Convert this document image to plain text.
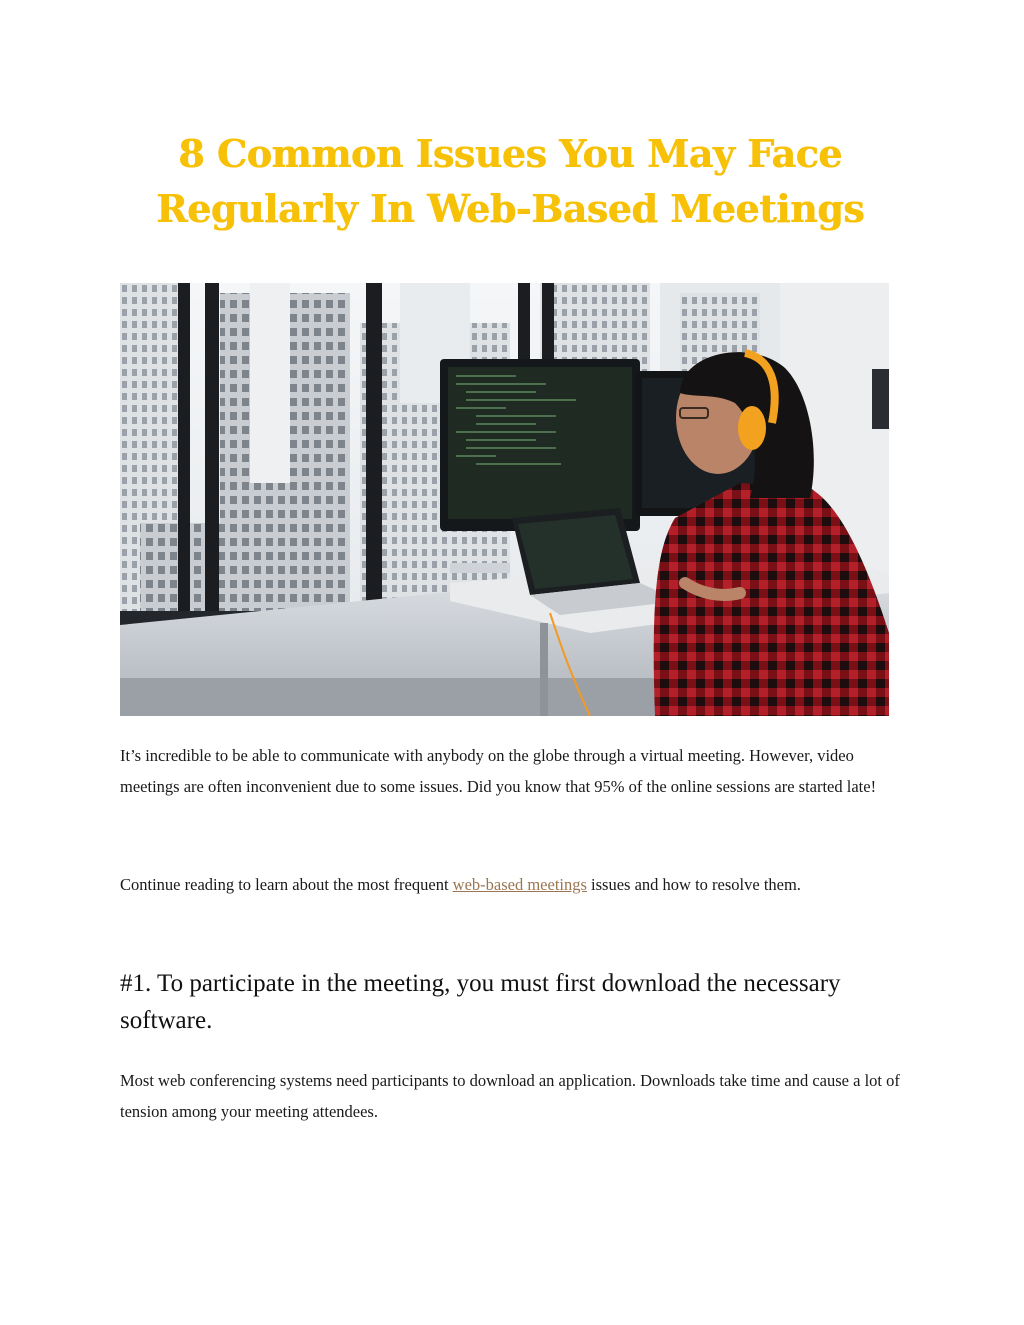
8 Common Issues You May Face Regularly In Web-Based Meetings

It’s incredible to be able to communicate with anybody on the globe through a virtual meeting. However, video meetings are often inconvenient due to some issues. Did you know that 95% of the online sessions are started late!

Continue reading to learn about the most frequent web-based meetings issues and how to resolve them.

#1. To participate in the meeting, you must first download the necessary software.

Most web conferencing systems need participants to download an application. Downloads take time and cause a lot of tension among your meeting attendees.
